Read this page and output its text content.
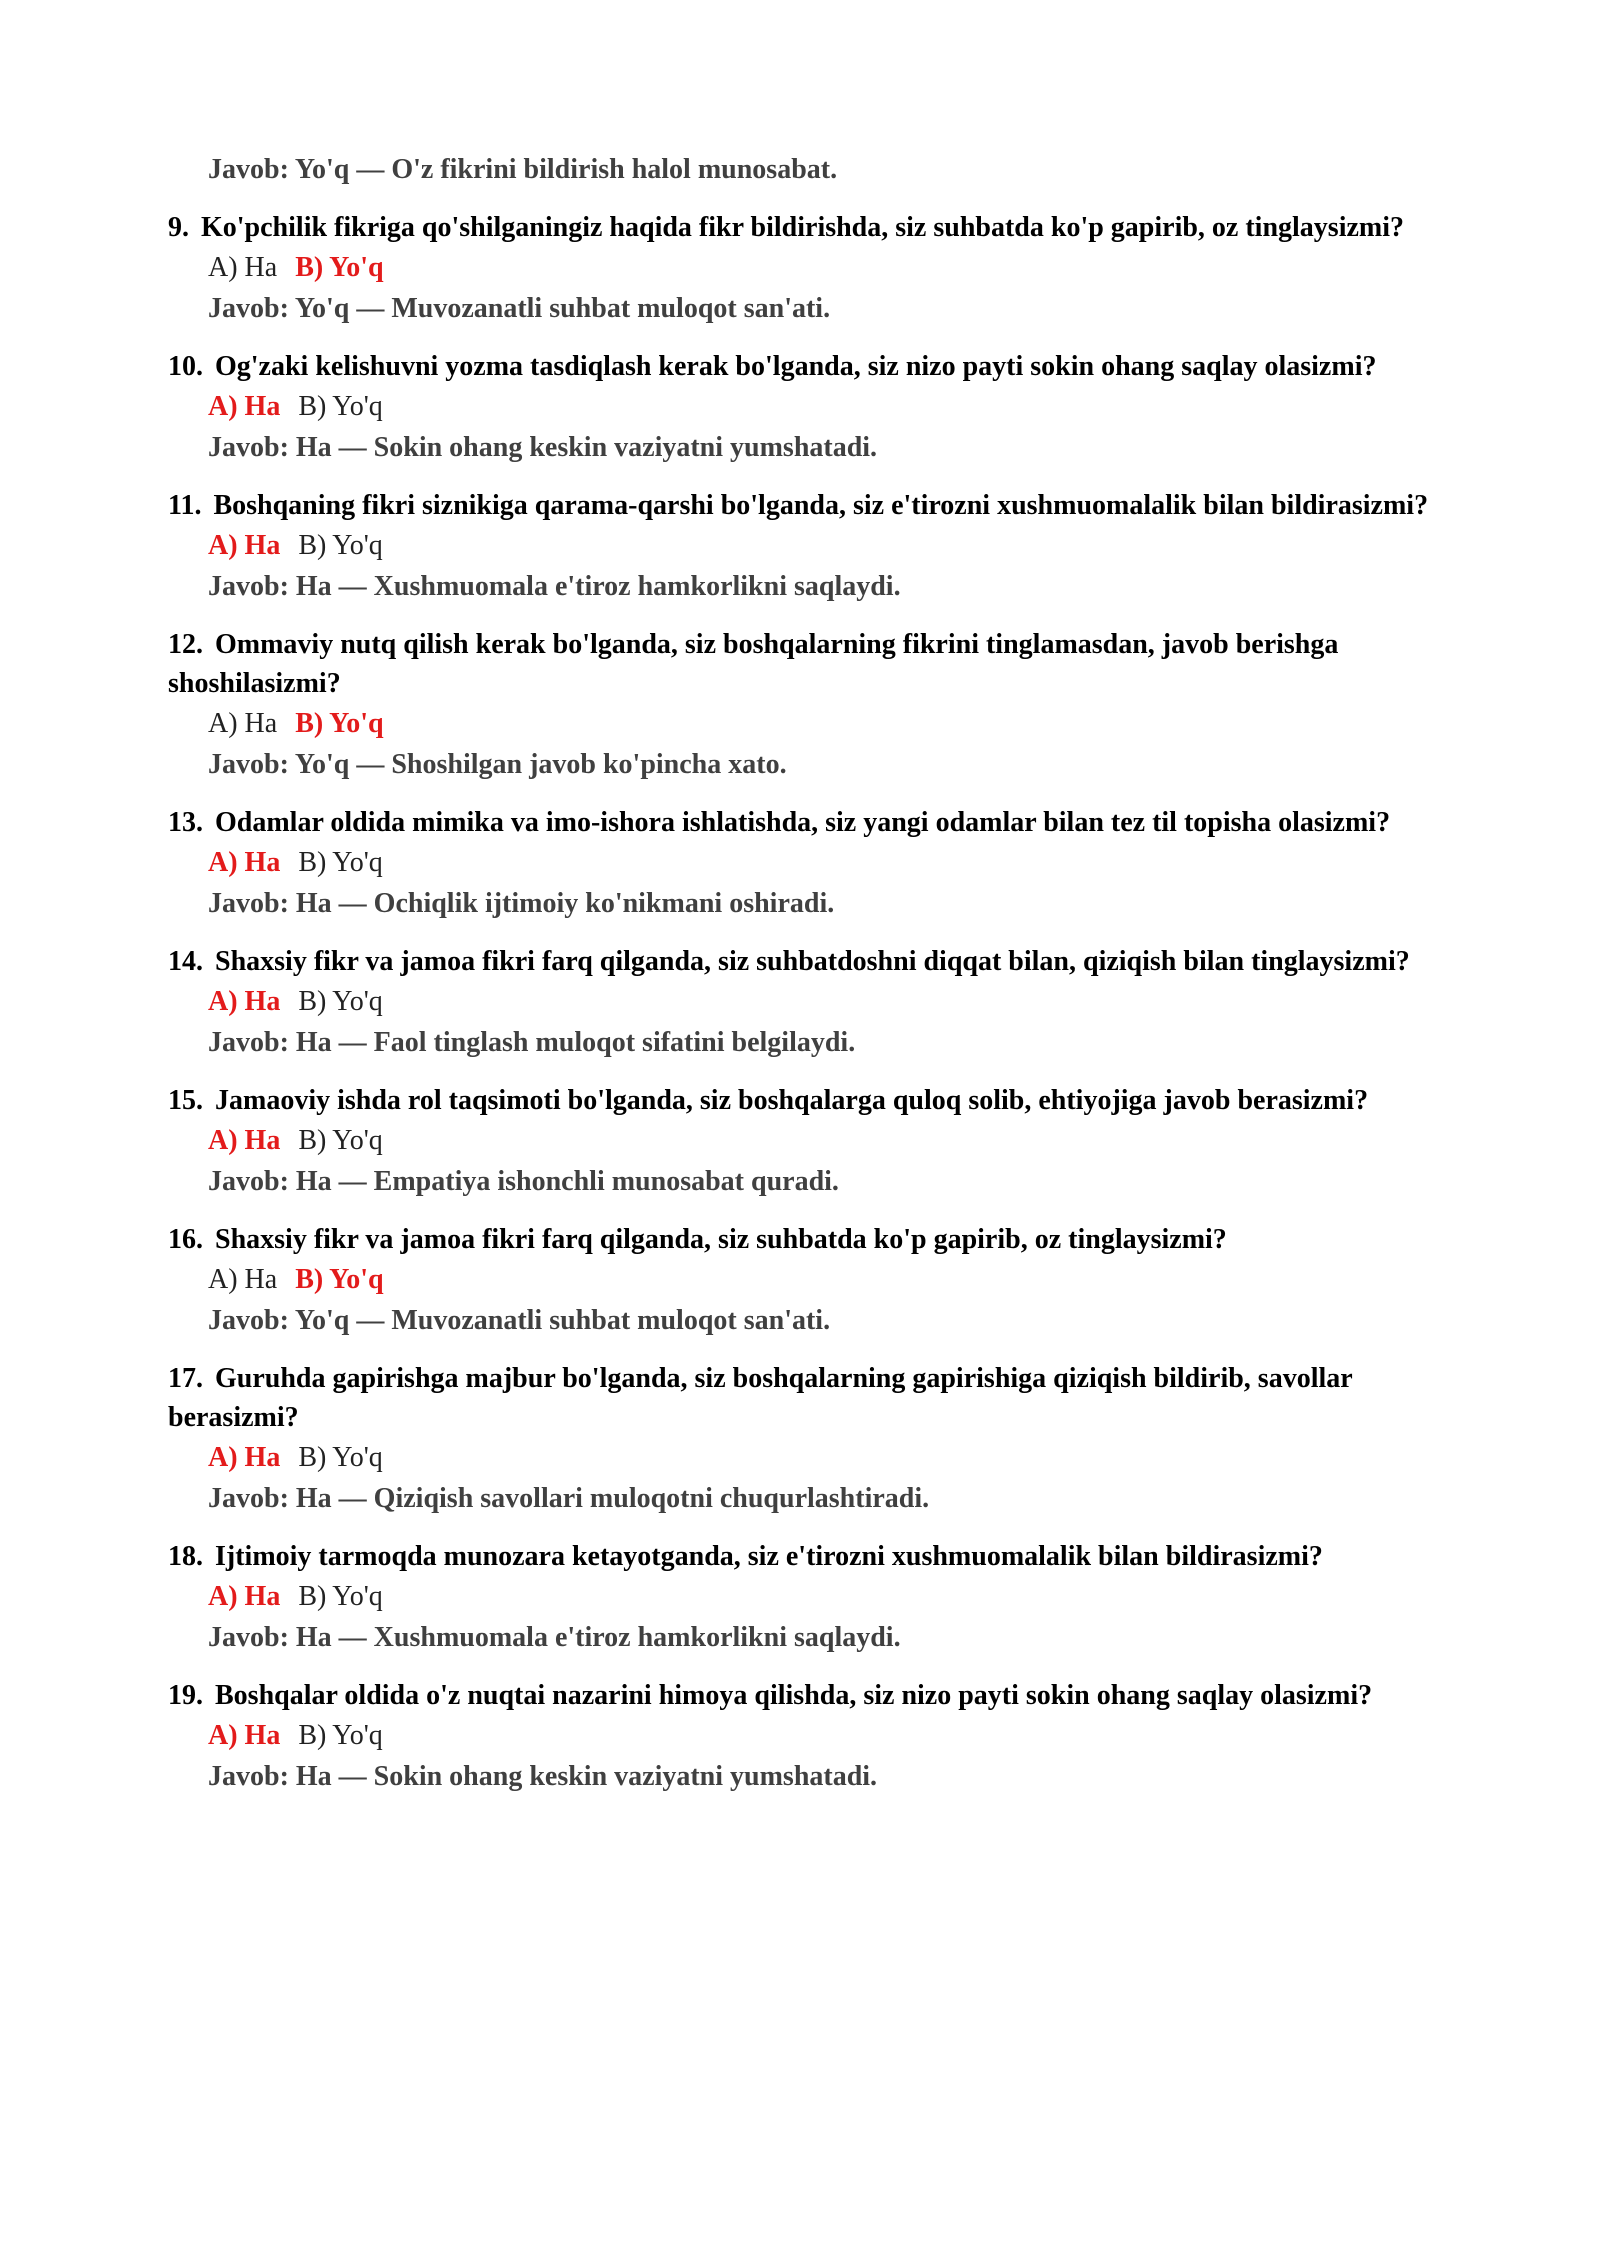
Javob: Yo'q — O'z fikrini bildirish halol munosabat.
9. Ko'pchilik fikriga qo'shilganingiz haqida fikr bildirishda, siz suhbatda ko'p gapirib, oz tinglaysizmi?
A) Ha B) Yo'q
Javob: Yo'q — Muvozanatli suhbat muloqot san'ati.
10. Og'zaki kelishuvni yozma tasdiqlash kerak bo'lganda, siz nizo payti sokin ohang saqlay olasizmi?
A) Ha B) Yo'q
Javob: Ha — Sokin ohang keskin vaziyatni yumshatadi.
11. Boshqaning fikri siznikiga qarama-qarshi bo'lganda, siz e'tirozni xushmuomalalik bilan bildirasizmi?
A) Ha B) Yo'q
Javob: Ha — Xushmuomala e'tiroz hamkorlikni saqlaydi.
12. Ommaviy nutq qilish kerak bo'lganda, siz boshqalarning fikrini tinglamasdan, javob berishga shoshilasizmi?
A) Ha B) Yo'q
Javob: Yo'q — Shoshilgan javob ko'pincha xato.
13. Odamlar oldida mimika va imo-ishora ishlatishda, siz yangi odamlar bilan tez til topisha olasizmi?
A) Ha B) Yo'q
Javob: Ha — Ochiqlik ijtimoiy ko'nikmani oshiradi.
14. Shaxsiy fikr va jamoa fikri farq qilganda, siz suhbatdoshni diqqat bilan, qiziqish bilan tinglaysizmi?
A) Ha B) Yo'q
Javob: Ha — Faol tinglash muloqot sifatini belgilaydi.
15. Jamaoviy ishda rol taqsimoti bo'lganda, siz boshqalarga quloq solib, ehtiyojiga javob berasizmi?
A) Ha B) Yo'q
Javob: Ha — Empatiya ishonchli munosabat quradi.
16. Shaxsiy fikr va jamoa fikri farq qilganda, siz suhbatda ko'p gapirib, oz tinglaysizmi?
A) Ha B) Yo'q
Javob: Yo'q — Muvozanatli suhbat muloqot san'ati.
17. Guruhda gapirishga majbur bo'lganda, siz boshqalarning gapirishiga qiziqish bildirib, savollar berasizmi?
A) Ha B) Yo'q
Javob: Ha — Qiziqish savollari muloqotni chuqurlashtiradi.
18. Ijtimoiy tarmoqda munozara ketayotganda, siz e'tirozni xushmuomalalik bilan bildirasizmi?
A) Ha B) Yo'q
Javob: Ha — Xushmuomala e'tiroz hamkorlikni saqlaydi.
19. Boshqalar oldida o'z nuqtai nazarini himoya qilishda, siz nizo payti sokin ohang saqlay olasizmi?
A) Ha B) Yo'q
Javob: Ha — Sokin ohang keskin vaziyatni yumshatadi.
